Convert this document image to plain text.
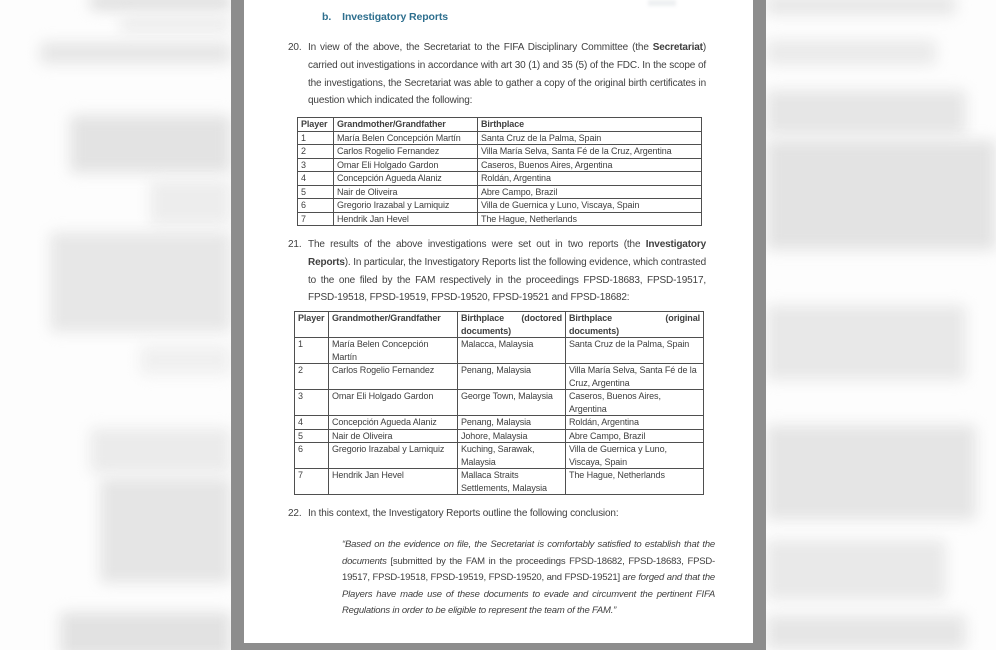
b. Investigatory Reports
20. In view of the above, the Secretariat to the FIFA Disciplinary Committee (the Secretariat) carried out investigations in accordance with art 30 (1) and 35 (5) of the FDC. In the scope of the investigations, the Secretariat was able to gather a copy of the original birth certificates in question which indicated the following:

Player	Grandmother/Grandfather	Birthplace
1	María Belen Concepción Martín	Santa Cruz de la Palma, Spain
2	Carlos Rogelio Fernandez	Villa María Selva, Santa Fé de la Cruz, Argentina
3	Omar Eli Holgado Gardon	Caseros, Buenos Aires, Argentina
4	Concepción Agueda Alaniz	Roldán, Argentina
5	Nair de Oliveira	Abre Campo, Brazil
6	Gregorio Irazabal y Lamiquiz	Villa de Guernica y Luno, Viscaya, Spain
7	Hendrik Jan Hevel	The Hague, Netherlands
21. The results of the above investigations were set out in two reports (the Investigatory Reports). In particular, the Investigatory Reports list the following evidence, which contrasted to the one filed by the FAM respectively in the proceedings FPSD-18683, FPSD-19517, FPSD-19518, FPSD-19519, FPSD-19520, FPSD-19521 and FPSD-18682:

Player	Grandmother/Grandfather	Birthplace (doctored documents)	Birthplace (original documents)
1	María Belen Concepción Martín	Malacca, Malaysia	Santa Cruz de la Palma, Spain
2	Carlos Rogelio Fernandez	Penang, Malaysia	Villa María Selva, Santa Fé de la Cruz, Argentina
3	Omar Eli Holgado Gardon	George Town, Malaysia	Caseros, Buenos Aires, Argentina
4	Concepción Agueda Alaniz	Penang, Malaysia	Roldán, Argentina
5	Nair de Oliveira	Johore, Malaysia	Abre Campo, Brazil
6	Gregorio Irazabal y Lamiquiz	Kuching, Sarawak, Malaysia	Villa de Guernica y Luno, Viscaya, Spain
7	Hendrik Jan Hevel	Mallaca Straits Settlements, Malaysia	The Hague, Netherlands
22. In this context, the Investigatory Reports outline the following conclusion:

“Based on the evidence on file, the Secretariat is comfortably satisfied to establish that the documents [submitted by the FAM in the proceedings FPSD-18682, FPSD-18683, FPSD-19517, FPSD-19518, FPSD-19519, FPSD-19520, and FPSD-19521] are forged and that the Players have made use of these documents to evade and circumvent the pertinent FIFA Regulations in order to be eligible to represent the team of the FAM.”
